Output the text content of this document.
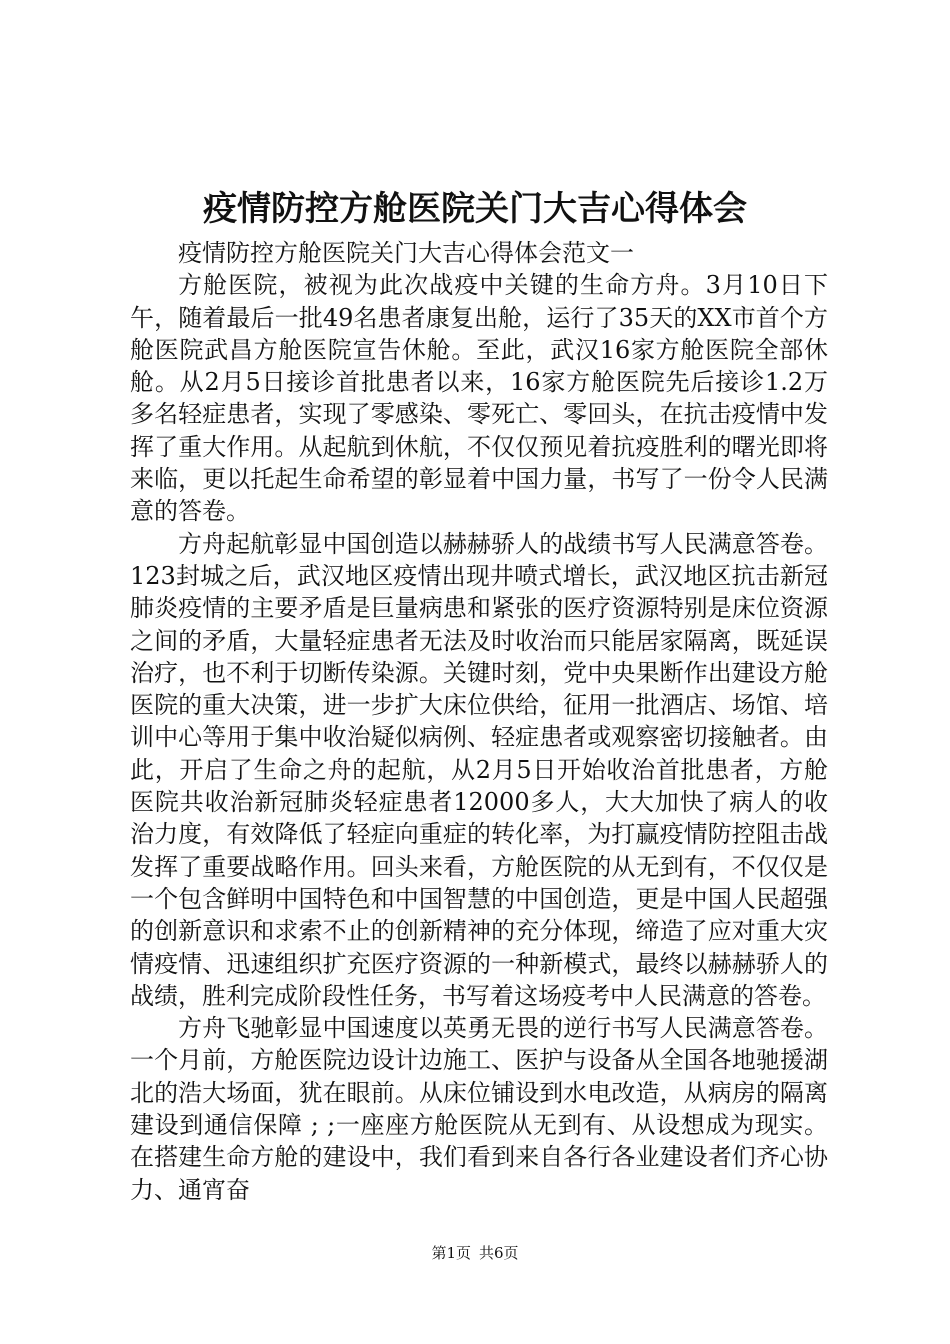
疫情防控方舱医院关门大吉心得体会

疫情防控方舱医院关门大吉心得体会范文一

方舱医院，被视为此次战疫中关键的生命方舟。3月10日下午，随着最后一批49名患者康复出舱，运行了35天的XX市首个方舱医院武昌方舱医院宣告休舱。至此，武汉16家方舱医院全部休舱。从2月5日接诊首批患者以来，16家方舱医院先后接诊1.2万多名轻症患者，实现了零感染、零死亡、零回头，在抗击疫情中发挥了重大作用。从起航到休航，不仅仅预见着抗疫胜利的曙光即将来临，更以托起生命希望的彰显着中国力量，书写了一份令人民满意的答卷。

方舟起航彰显中国创造以赫赫骄人的战绩书写人民满意答卷。123封城之后，武汉地区疫情出现井喷式增长，武汉地区抗击新冠肺炎疫情的主要矛盾是巨量病患和紧张的医疗资源特别是床位资源之间的矛盾，大量轻症患者无法及时收治而只能居家隔离，既延误治疗，也不利于切断传染源。关键时刻，党中央果断作出建设方舱医院的重大决策，进一步扩大床位供给，征用一批酒店、场馆、培训中心等用于集中收治疑似病例、轻症患者或观察密切接触者。由此，开启了生命之舟的起航，从2月5日开始收治首批患者，方舱医院共收治新冠肺炎轻症患者12000多人，大大加快了病人的收治力度，有效降低了轻症向重症的转化率，为打赢疫情防控阻击战发挥了重要战略作用。回头来看，方舱医院的从无到有，不仅仅是一个包含鲜明中国特色和中国智慧的中国创造，更是中国人民超强的创新意识和求索不止的创新精神的充分体现，缔造了应对重大灾情疫情、迅速组织扩充医疗资源的一种新模式，最终以赫赫骄人的战绩，胜利完成阶段性任务，书写着这场疫考中人民满意的答卷。

方舟飞驰彰显中国速度以英勇无畏的逆行书写人民满意答卷。一个月前，方舱医院边设计边施工、医护与设备从全国各地驰援湖北的浩大场面，犹在眼前。从床位铺设到水电改造，从病房的隔离建设到通信保障 ; ;一座座方舱医院从无到有、从设想成为现实。在搭建生命方舱的建设中，我们看到来自各行各业建设者们齐心协力、通宵奋

第1页 共6页
